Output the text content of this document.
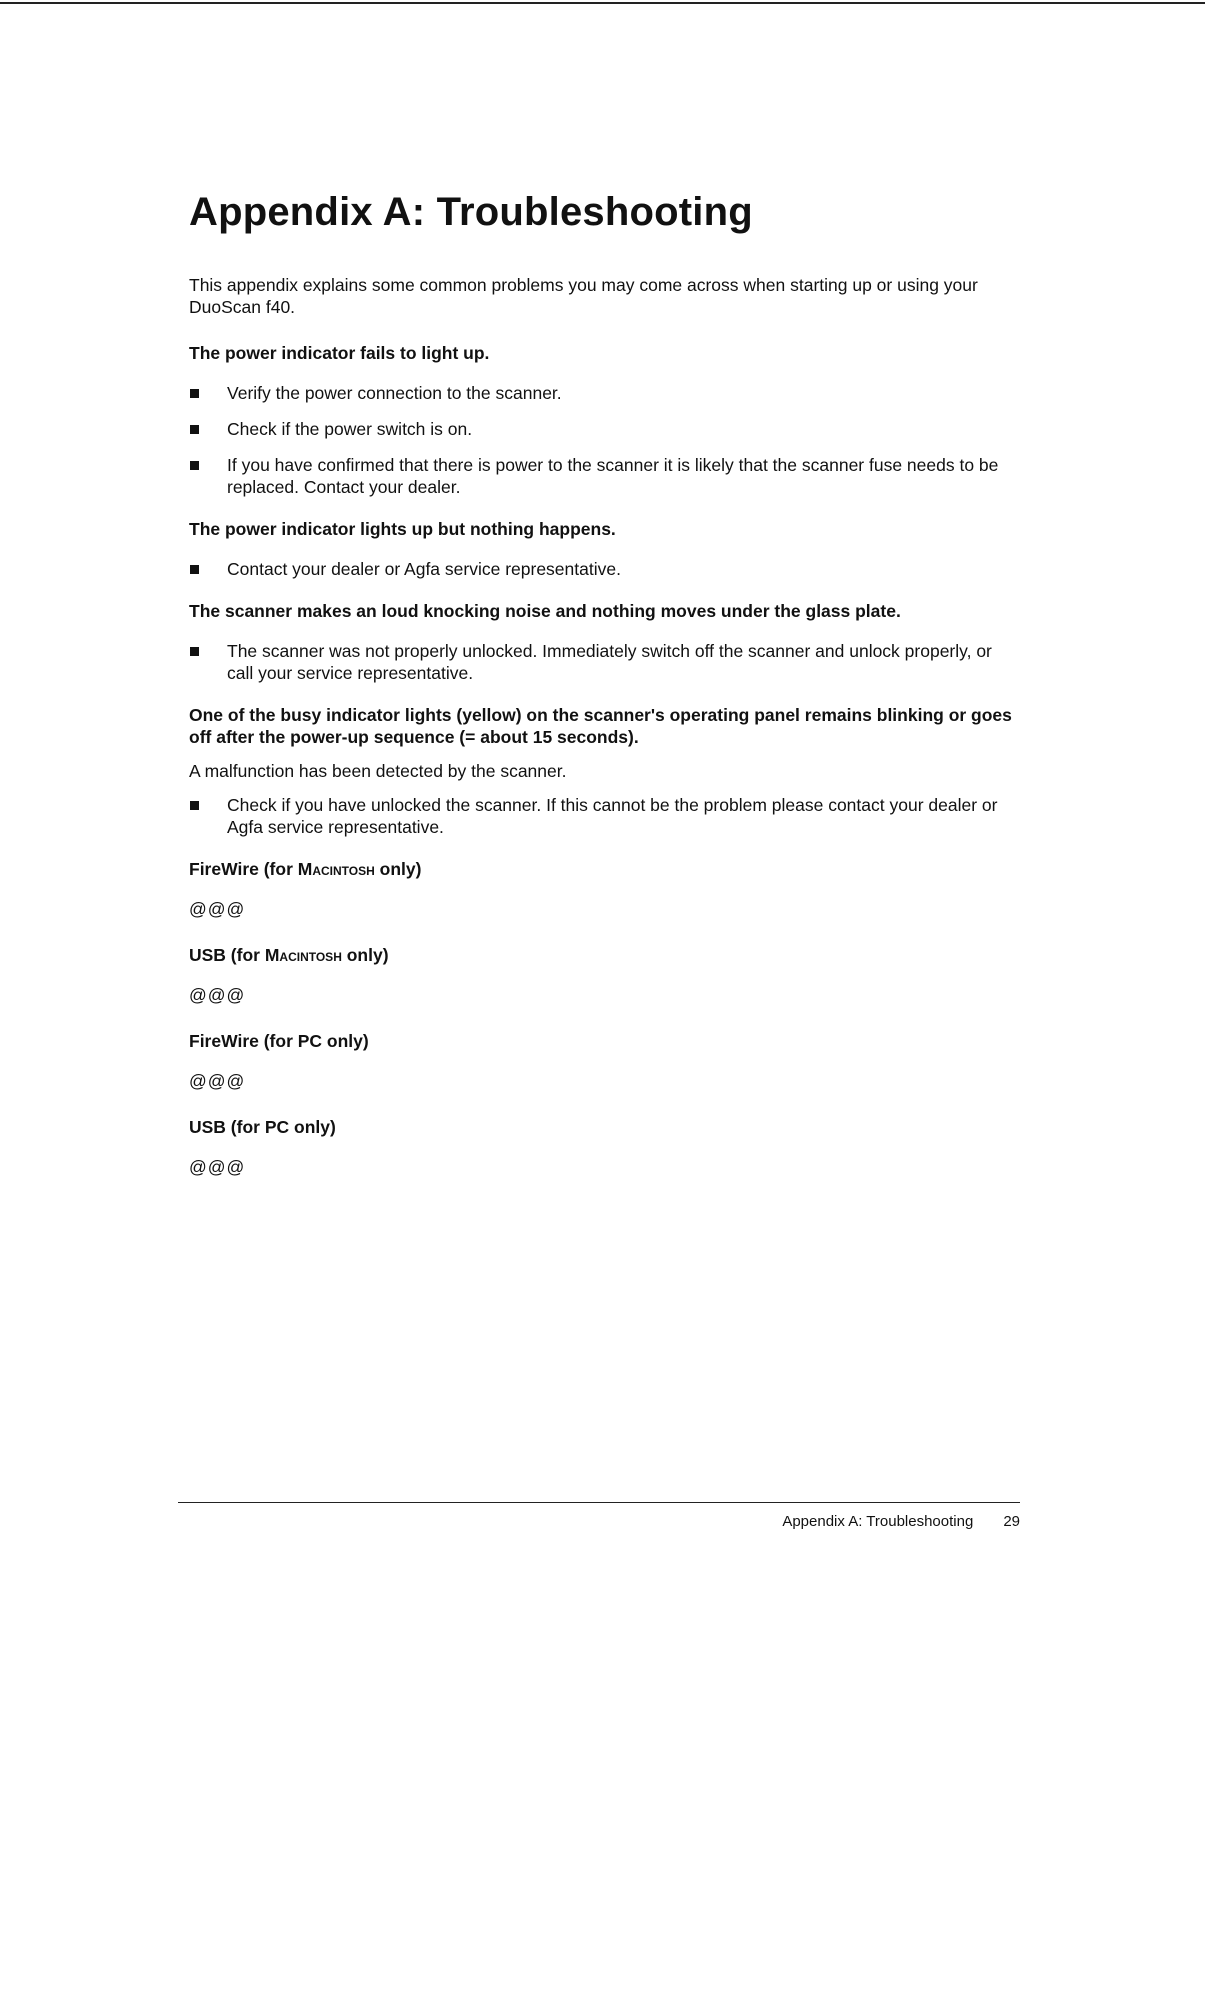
Appendix A: Troubleshooting

This appendix explains some common problems you may come across when starting up or using your DuoScan f40.

The power indicator fails to light up.
Verify the power connection to the scanner.
Check if the power switch is on.
If you have confirmed that there is power to the scanner it is likely that the scanner fuse needs to be replaced. Contact your dealer.
The power indicator lights up but nothing happens.
Contact your dealer or Agfa service representative.
The scanner makes an loud knocking noise and nothing moves under the glass plate.
The scanner was not properly unlocked. Immediately switch off the scanner and unlock properly, or call your service representative.
One of the busy indicator lights (yellow) on the scanner's operating panel remains blinking or goes off after the power-up sequence (= about 15 seconds).

A malfunction has been detected by the scanner.

Check if you have unlocked the scanner. If this cannot be the problem please contact your dealer or Agfa service representative.
FireWire (for Macintosh only)
@@@
USB (for Macintosh only)
@@@
FireWire (for PC only)
@@@
USB (for PC only)
@@@
Appendix A: Troubleshooting 29
